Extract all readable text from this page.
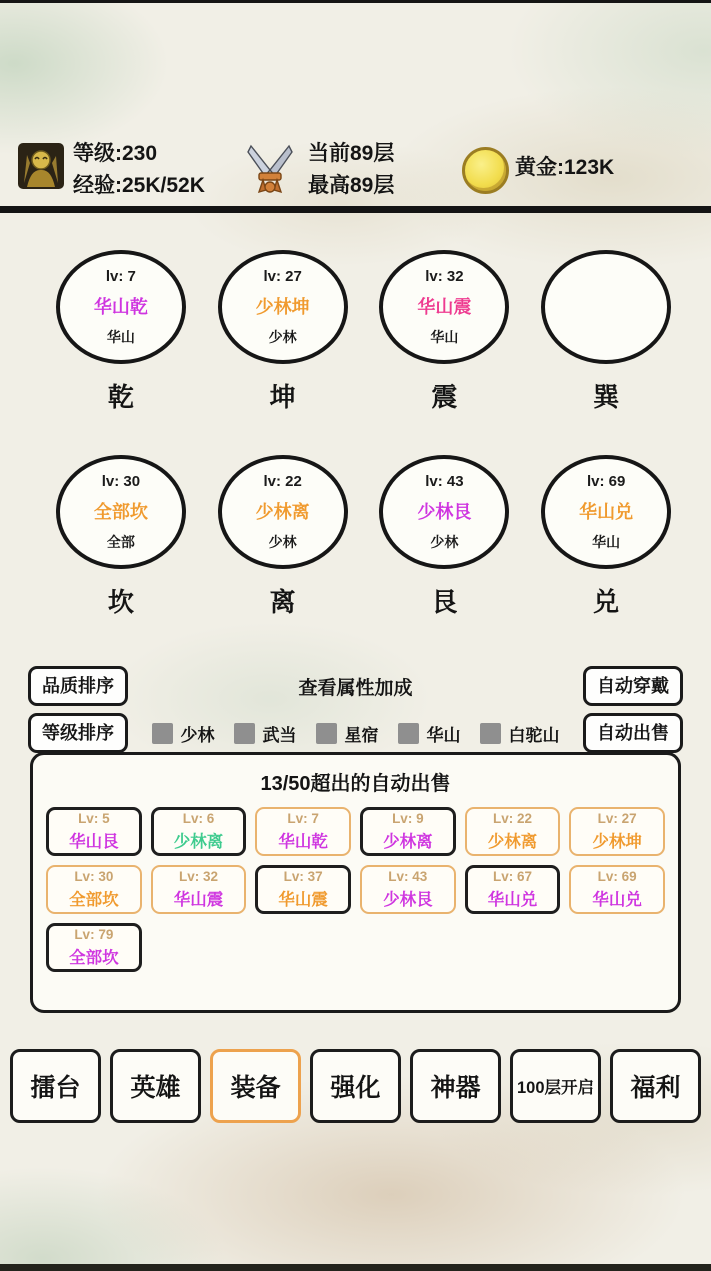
等级:230
经验:25K/52K
当前89层
最高89层
黄金:123K
lv: 7
华山乾
华山
乾
lv: 27
少林坤
少林
坤
lv: 32
华山震
华山
震	巽
lv: 30
全部坎
全部
坎
lv: 22
少林离
少林
离
lv: 43
少林艮
少林
艮
lv: 69
华山兑
华山
兑
品质排序	查看属性加成	自动穿戴
等级排序	少林	武当	星宿	华山	白驼山	自动出售
13/50超出的自动出售
Lv: 5
华山艮
Lv: 6
少林离
Lv: 7
华山乾
Lv: 9
少林离
Lv: 22
少林离
Lv: 27
少林坤
Lv: 30
全部坎
Lv: 32
华山震
Lv: 37
华山震
Lv: 43
少林艮
Lv: 67
华山兑
Lv: 69
华山兑
Lv: 79
全部坎
擂台	英雄	装备	强化	神器	100层开启	福利
